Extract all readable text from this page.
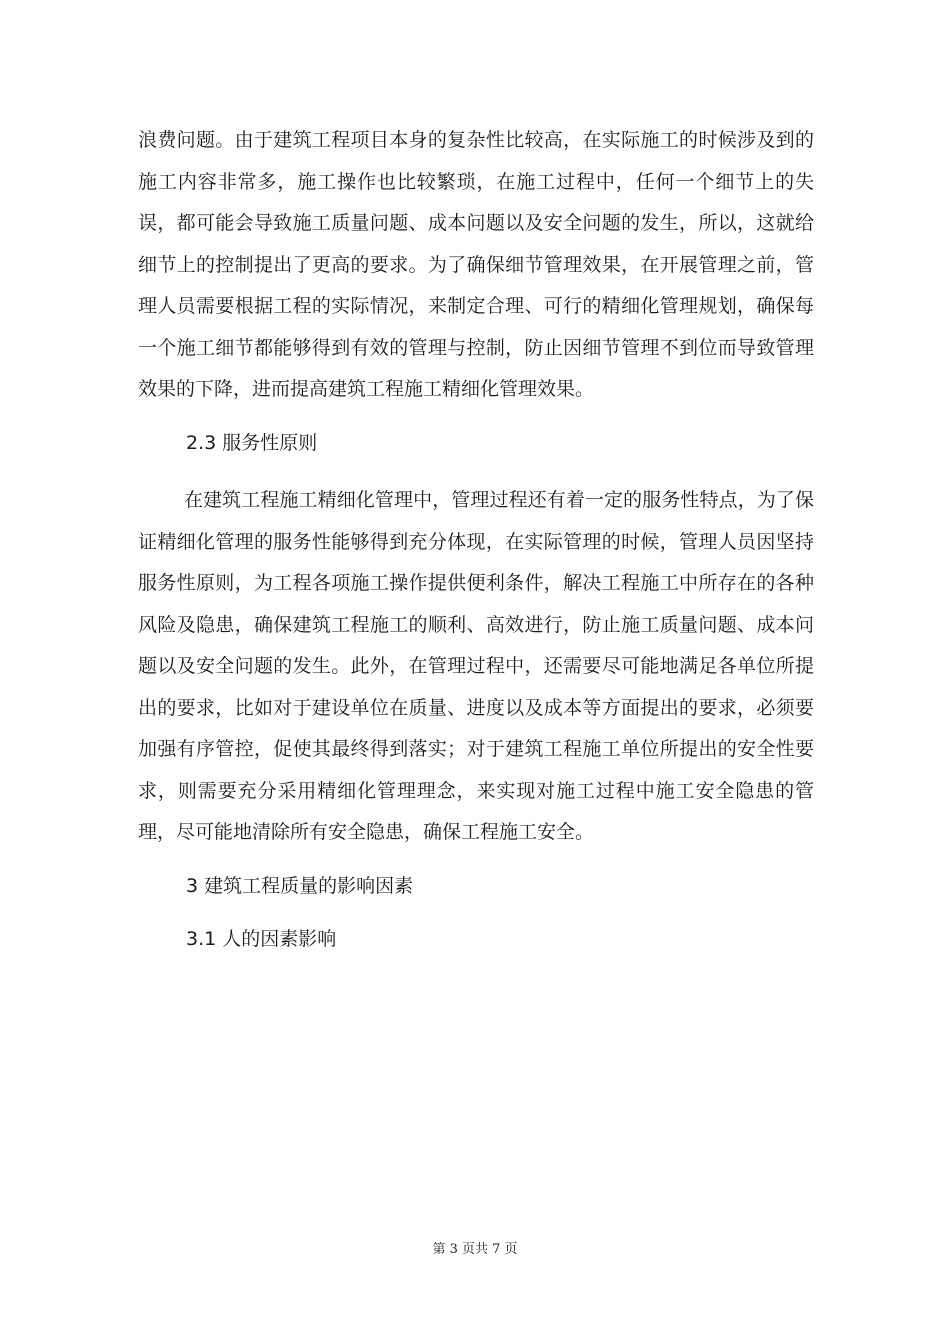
浪费问题。由于建筑工程项目本身的复杂性比较高，在实际施工的时候涉及到的施工内容非常多，施工操作也比较繁琐，在施工过程中，任何一个细节上的失误，都可能会导致施工质量问题、成本问题以及安全问题的发生，所以，这就给细节上的控制提出了更高的要求。为了确保细节管理效果，在开展管理之前，管理人员需要根据工程的实际情况，来制定合理、可行的精细化管理规划，确保每一个施工细节都能够得到有效的管理与控制，防止因细节管理不到位而导致管理效果的下降，进而提高建筑工程施工精细化管理效果。

2.3 服务性原则

在建筑工程施工精细化管理中，管理过程还有着一定的服务性特点，为了保证精细化管理的服务性能够得到充分体现，在实际管理的时候，管理人员因坚持服务性原则，为工程各项施工操作提供便利条件，解决工程施工中所存在的各种风险及隐患，确保建筑工程施工的顺利、高效进行，防止施工质量问题、成本问题以及安全问题的发生。此外，在管理过程中，还需要尽可能地满足各单位所提出的要求，比如对于建设单位在质量、进度以及成本等方面提出的要求，必须要加强有序管控，促使其最终得到落实；对于建筑工程施工单位所提出的安全性要求，则需要充分采用精细化管理理念，来实现对施工过程中施工安全隐患的管理，尽可能地清除所有安全隐患，确保工程施工安全。

3 建筑工程质量的影响因素

3.1 人的因素影响

第 3 页共 7 页
